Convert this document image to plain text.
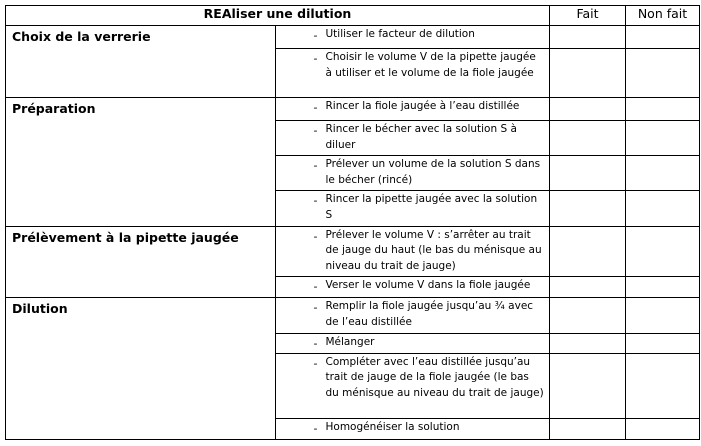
REAliser une dilution			Fait	Non fait
Choix de la verrerie	-	Utiliser le facteur de dilution		
	-	Choisir le volume V de la pipette jaugée à utiliser et le volume de la fiole jaugée		
Préparation	-	Rincer la fiole jaugée à l’eau distillée		
	-	Rincer le bécher avec la solution S à diluer		
	-	Prélever un volume de la solution S dans le bécher (rincé)		
	-	Rincer la pipette jaugée avec la solution S		
Prélèvement à la pipette jaugée	-	Prélever le volume V : s’arrêter au trait de jauge du haut (le bas du ménisque au niveau du trait de jauge)		
	-	Verser le volume V dans la fiole jaugée		
Dilution	-	Remplir la fiole jaugée jusqu’au ¾ avec de l’eau distillée		
	-	Mélanger		
	-	Compléter avec l’eau distillée jusqu’au trait de jauge de la fiole jaugée (le bas du ménisque au niveau du trait de jauge)		
	-	Homogénéiser la solution		
